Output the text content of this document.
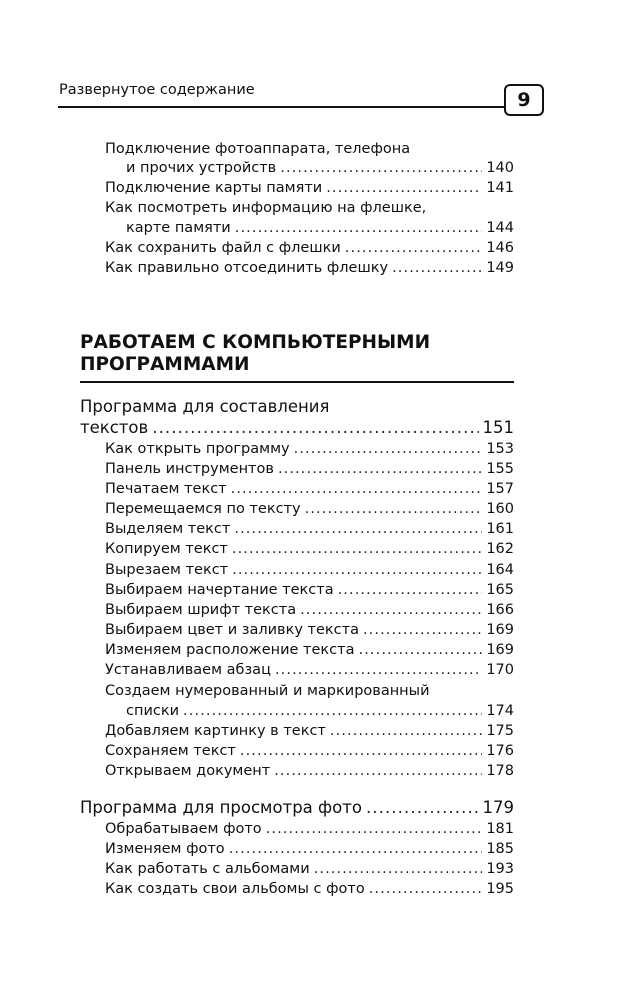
Развернутое содержание	9
Подключение фотоаппарата, телефона
и прочих устройств .....	140
Подключение карты памяти .....	141
Как посмотреть информацию на флешке,
карте памяти .....	144
Как сохранить файл с флешки .....	146
Как правильно отсоединить флешку .....	149
РАБОТАЕМ С КОМПЬЮТЕРНЫМИ
ПРОГРАММАМИ
Программа для составления
текстов .....	151
Как открыть программу .....	153
Панель инструментов .....	155
Печатаем текст .....	157
Перемещаемся по тексту .....	160
Выделяем текст .....	161
Копируем текст .....	162
Вырезаем текст .....	164
Выбираем начертание текста .....	165
Выбираем шрифт текста .....	166
Выбираем цвет и заливку текста .....	169
Изменяем расположение текста .....	169
Устанавливаем абзац .....	170
Создаем нумерованный и маркированный
списки .....	174
Добавляем картинку в текст .....	175
Сохраняем текст .....	176
Открываем документ .....	178
Программа для просмотра фото .....	179
Обрабатываем фото .....	181
Изменяем фото .....	185
Как работать с альбомами .....	193
Как создать свои альбомы с фото .....	195
